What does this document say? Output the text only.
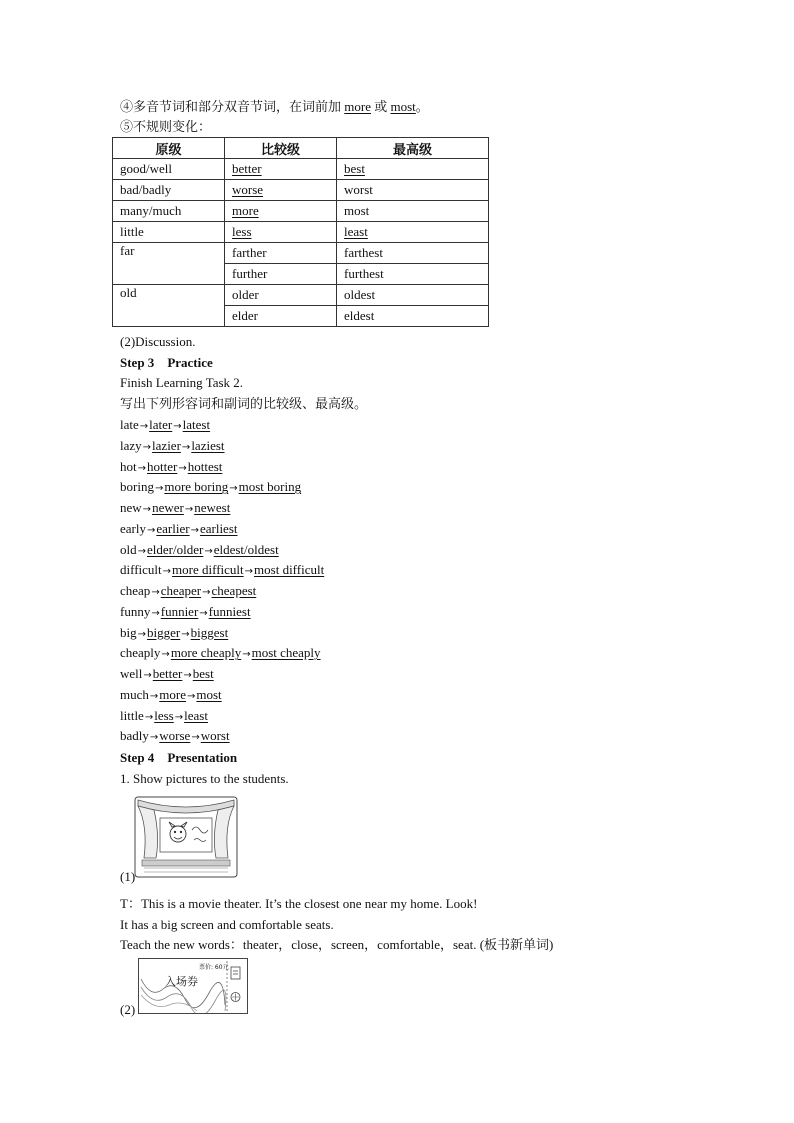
④多音节词和部分双音节词，在词前加 more 或 most。
⑤不规则变化：
原级	比较级	最高级
good/well	better	best
bad/badly	worse	worst
many/much	more	most
little	less	least
far	farther	farthest
	further	furthest
old	older	oldest
	elder	eldest
(2)Discussion.
Step 3 Practice
Finish Learning Task 2.
写出下列形容词和副词的比较级、最高级。
late→later→latest
lazy→lazier→laziest
hot→hotter→hottest
boring→more boring→most boring
new→newer→newest
early→earlier→earliest
old→elder/older→eldest/oldest
difficult→more difficult→most difficult
cheap→cheaper→cheapest
funny→funnier→funniest
big→bigger→biggest
cheaply→more cheaply→most cheaply
well→better→best
much→more→most
little→less→least
badly→worse→worst
Step 4 Presentation
1. Show pictures to the students.
(1)
T：This is a movie theater. It’s the closest one near my home. Look!
It has a big screen and comfortable seats.
Teach the new words：theater，close，screen，comfortable，seat. (板书新单词)
(2)
票价: 60元
入场券
